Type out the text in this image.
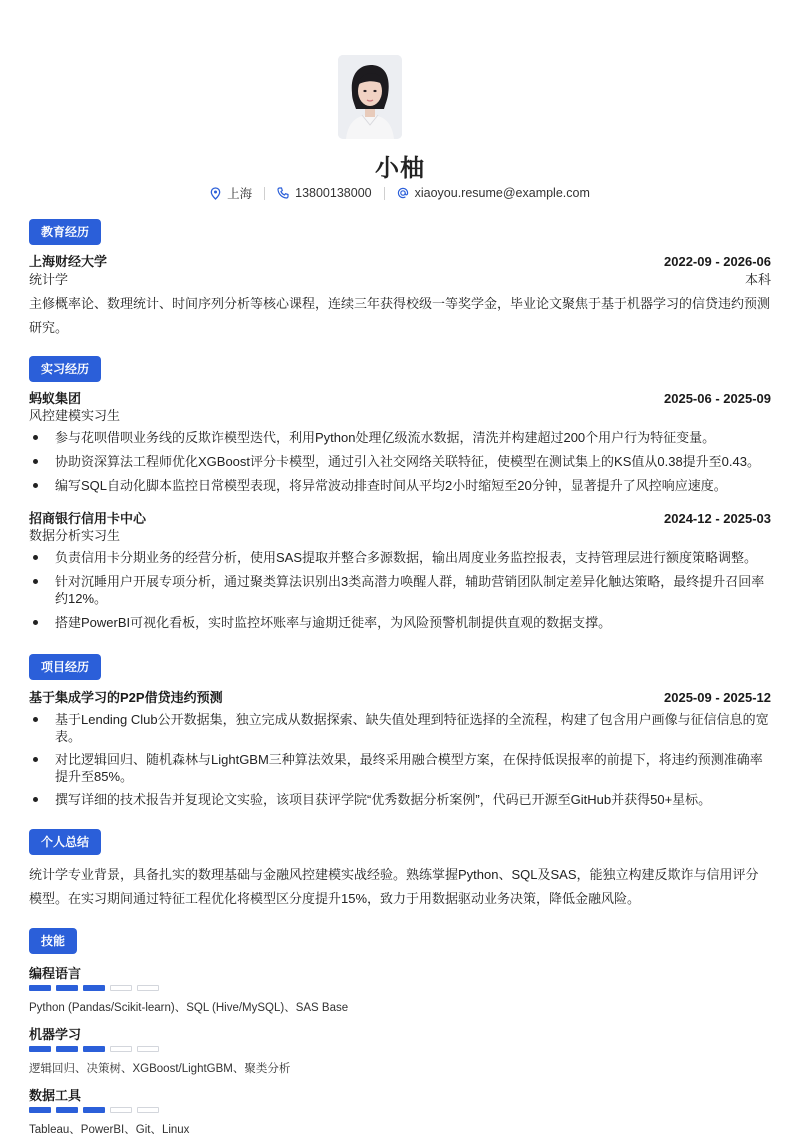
小柚
上海	13800138000	xiaoyou.resume@example.com
教育经历
上海财经大学	2022-09 - 2026-06
统计学	本科
主修概率论、数理统计、时间序列分析等核心课程，连续三年获得校级一等奖学金，毕业论文聚焦于基于机器学习的信贷违约预测研究。
实习经历
蚂蚁集团	2025-06 - 2025-09
风控建模实习生
参与花呗借呗业务线的反欺诈模型迭代，利用Python处理亿级流水数据，清洗并构建超过200个用户行为特征变量。
协助资深算法工程师优化XGBoost评分卡模型，通过引入社交网络关联特征，使模型在测试集上的KS值从0.38提升至0.43。
编写SQL自动化脚本监控日常模型表现，将异常波动排查时间从平均2小时缩短至20分钟，显著提升了风控响应速度。
招商银行信用卡中心	2024-12 - 2025-03
数据分析实习生
负责信用卡分期业务的经营分析，使用SAS提取并整合多源数据，输出周度业务监控报表，支持管理层进行额度策略调整。
针对沉睡用户开展专项分析，通过聚类算法识别出3类高潜力唤醒人群，辅助营销团队制定差异化触达策略，最终提升召回率约12%。
搭建PowerBI可视化看板，实时监控坏账率与逾期迁徙率，为风险预警机制提供直观的数据支撑。
项目经历
基于集成学习的P2P借贷违约预测	2025-09 - 2025-12
基于Lending Club公开数据集，独立完成从数据探索、缺失值处理到特征选择的全流程，构建了包含用户画像与征信信息的宽表。
对比逻辑回归、随机森林与LightGBM三种算法效果，最终采用融合模型方案，在保持低误报率的前提下，将违约预测准确率提升至85%。
撰写详细的技术报告并复现论文实验，该项目获评学院“优秀数据分析案例”，代码已开源至GitHub并获得50+星标。
个人总结
统计学专业背景，具备扎实的数理基础与金融风控建模实战经验。熟练掌握Python、SQL及SAS，能独立构建反欺诈与信用评分模型。在实习期间通过特征工程优化将模型区分度提升15%，致力于用数据驱动业务决策，降低金融风险。
技能
编程语言
Python (Pandas/Scikit-learn)、SQL (Hive/MySQL)、SAS Base
机器学习
逻辑回归、决策树、XGBoost/LightGBM、聚类分析
数据工具
Tableau、PowerBI、Git、Linux
